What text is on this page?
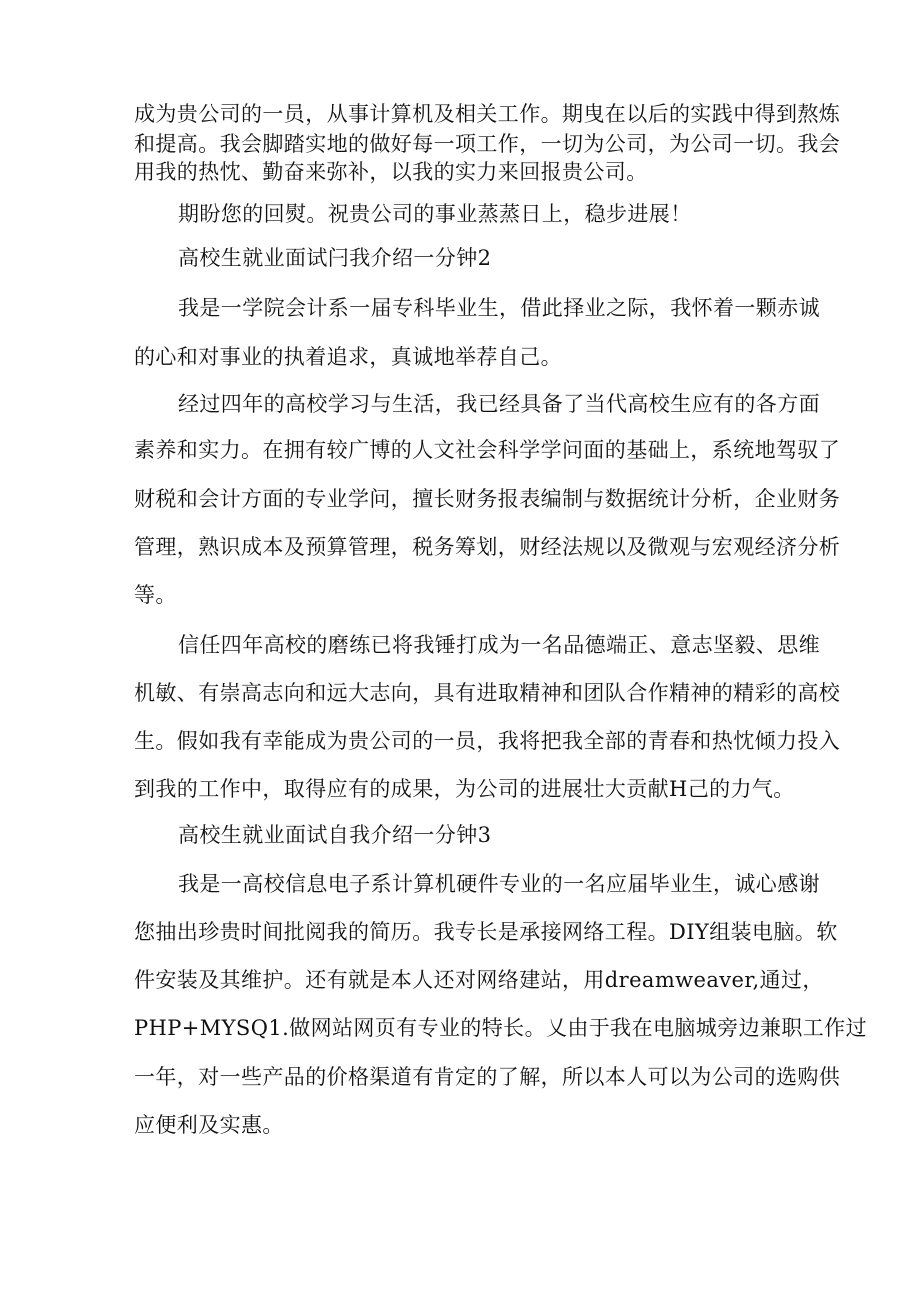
成为贵公司的一员，从事计算机及相关工作。期曳在以后的实践中得到熬炼
和提高。我会脚踏实地的做好每一项工作，一切为公司，为公司一切。我会
用我的热忱、勤奋来弥补，以我的实力来回报贵公司。
期盼您的回熨。祝贵公司的事业蒸蒸日上，稳步进展！
高校生就业面试闩我介绍一分钟2
我是一学院会计系一届专科毕业生，借此择业之际，我怀着一颗赤诚
的心和对事业的执着追求，真诚地举荐自己。
经过四年的高校学习与生活，我已经具备了当代高校生应有的各方面
素养和实力。在拥有较广博的人文社会科学学问面的基础上，系统地驾驭了
财税和会计方面的专业学问，擅长财务报表编制与数据统计分析，企业财务
管理，熟识成本及预算管理，税务筹划，财经法规以及微观与宏观经济分析
等。
信任四年高校的磨练已将我锤打成为一名品德端正、意志坚毅、思维
机敏、有崇高志向和远大志向，具有进取精神和团队合作精神的精彩的高校
生。假如我有幸能成为贵公司的一员，我将把我全部的青春和热忱倾力投入
到我的工作中，取得应有的成果，为公司的进展壮大贡献H己的力气。
高校生就业面试自我介绍一分钟3
我是一高校信息电子系计算机硬件专业的一名应届毕业生，诚心感谢
您抽出珍贵时间批阅我的简历。我专长是承接网络工程。DIY组装电脑。软
件安装及其维护。还有就是本人还对网络建站，用dreamweaver,通过，
PHP+MYSQ1.做网站网页有专业的特长。乂由于我在电脑城旁边兼职工作过
一年，对一些产品的价格渠道有肯定的了解，所以本人可以为公司的选购供
应便利及实惠。
